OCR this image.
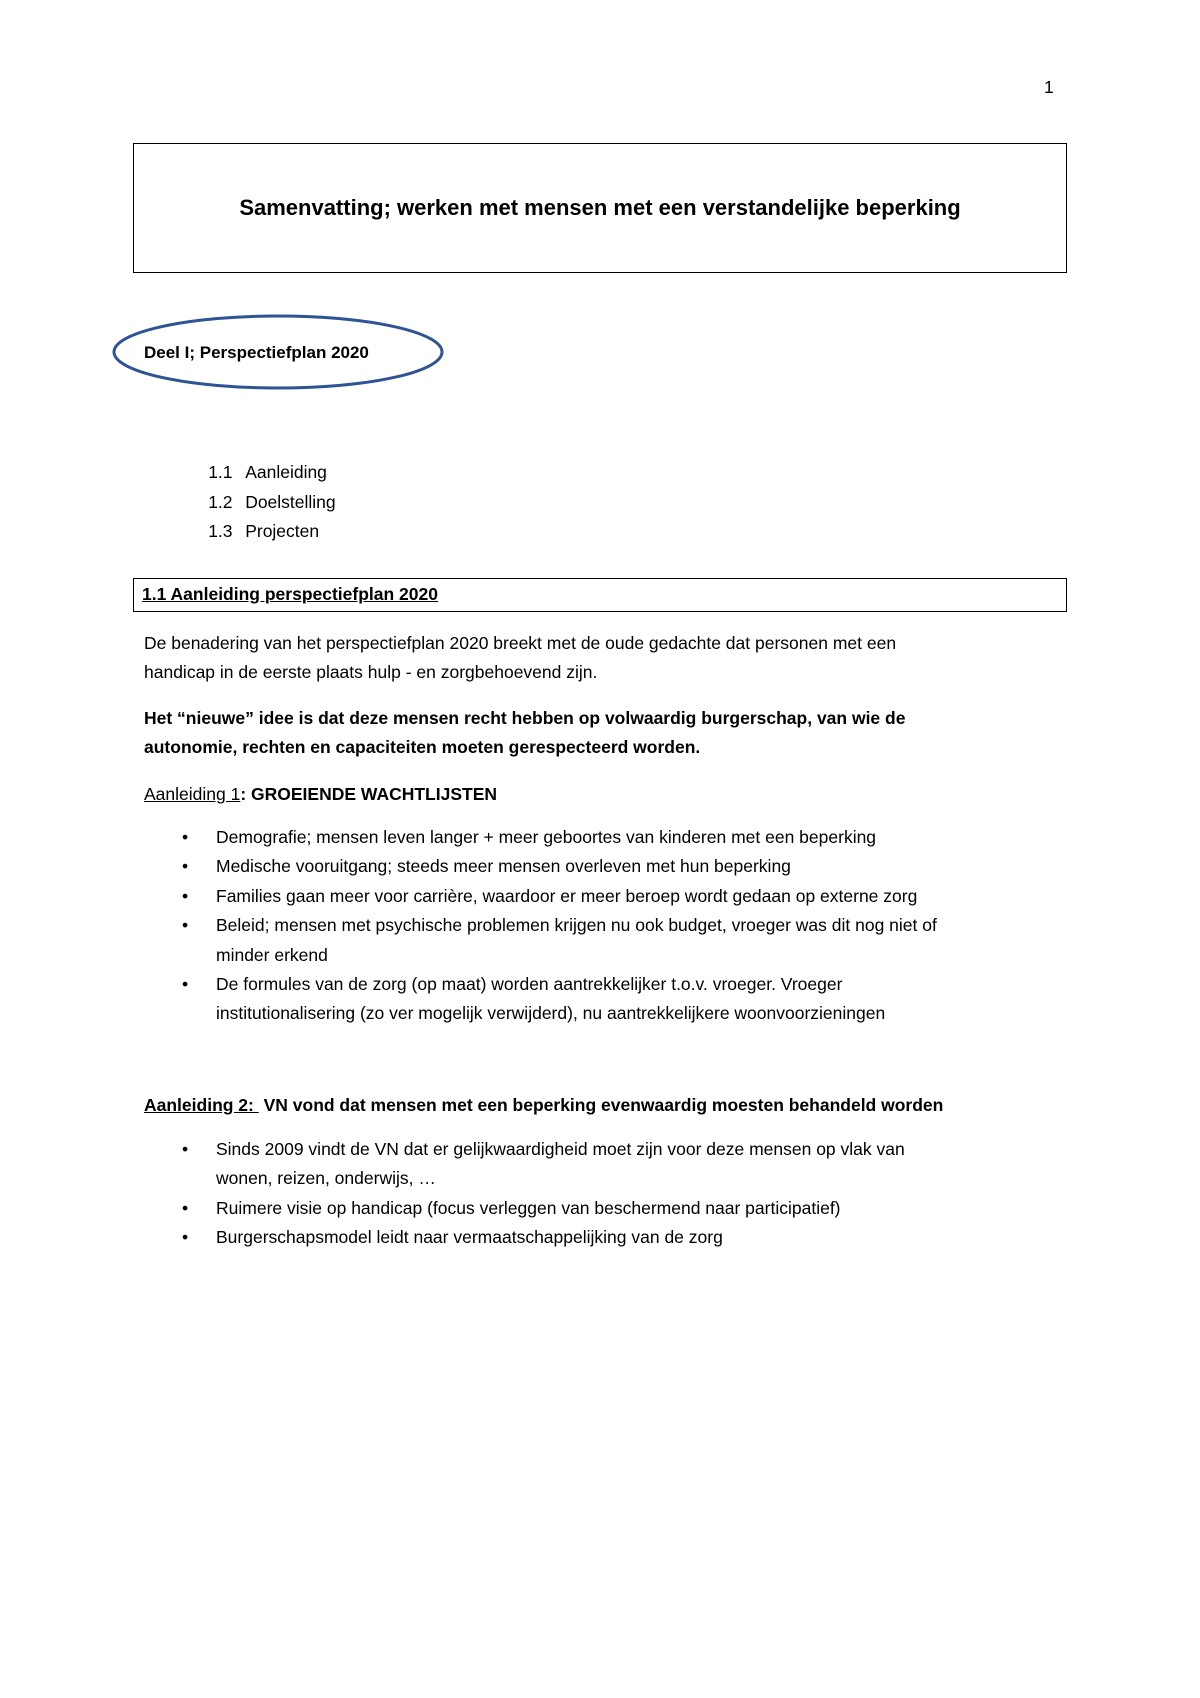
1
Samenvatting; werken met mensen met een verstandelijke beperking
Deel I; Perspectiefplan 2020

1.1 Aanleiding

1.2 Doelstelling

1.3 Projecten

1.1 Aanleiding perspectiefplan 2020
De benadering van het perspectiefplan 2020 breekt met de oude gedachte dat personen met een
handicap in de eerste plaats hulp - en zorgbehoevend zijn.
Het “nieuwe” idee is dat deze mensen recht hebben op volwaardig burgerschap, van wie de
autonomie, rechten en capaciteiten moeten gerespecteerd worden.
Aanleiding 1: GROEIENDE WACHTLIJSTEN
• Demografie; mensen leven langer + meer geboortes van kinderen met een beperking
• Medische vooruitgang; steeds meer mensen overleven met hun beperking
• Families gaan meer voor carrière, waardoor er meer beroep wordt gedaan op externe zorg
• Beleid; mensen met psychische problemen krijgen nu ook budget, vroeger was dit nog niet of
minder erkend
• De formules van de zorg (op maat) worden aantrekkelijker t.o.v. vroeger. Vroeger
institutionalisering (zo ver mogelijk verwijderd), nu aantrekkelijkere woonvoorzieningen
Aanleiding 2:  VN vond dat mensen met een beperking evenwaardig moesten behandeld worden
• Sinds 2009 vindt de VN dat er gelijkwaardigheid moet zijn voor deze mensen op vlak van
wonen, reizen, onderwijs, …
• Ruimere visie op handicap (focus verleggen van beschermend naar participatief)
• Burgerschapsmodel leidt naar vermaatschappelijking van de zorg
